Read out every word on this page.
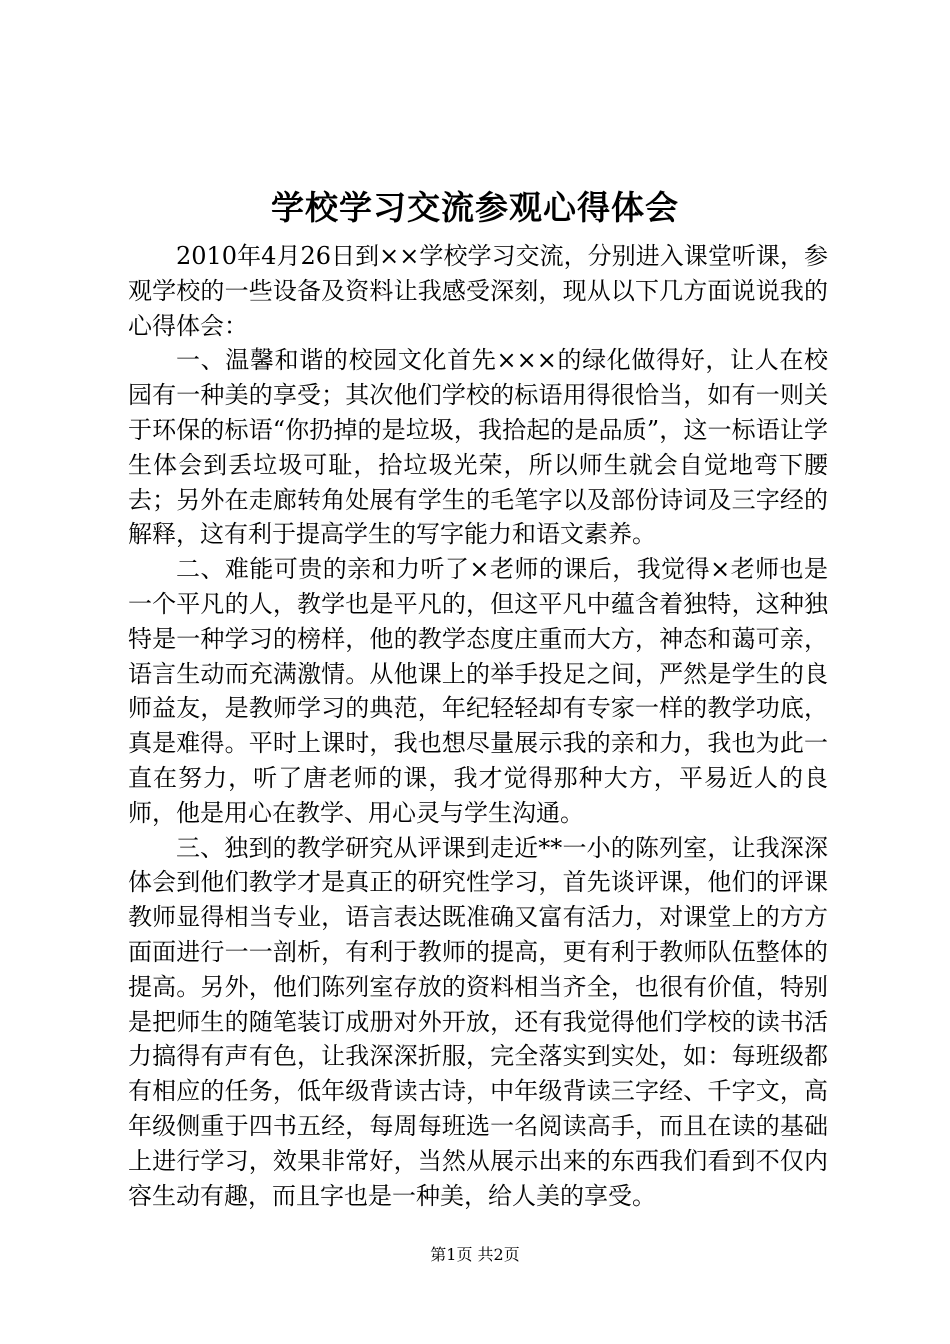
学校学习交流参观心得体会

2010年4月26日到××学校学习交流，分别进入课堂听课，参观学校的一些设备及资料让我感受深刻，现从以下几方面说说我的心得体会：

一、温馨和谐的校园文化首先×××的绿化做得好，让人在校园有一种美的享受；其次他们学校的标语用得很恰当，如有一则关于环保的标语“你扔掉的是垃圾，我拾起的是品质”，这一标语让学生体会到丢垃圾可耻，拾垃圾光荣，所以师生就会自觉地弯下腰去；另外在走廊转角处展有学生的毛笔字以及部份诗词及三字经的解释，这有利于提高学生的写字能力和语文素养。

二、难能可贵的亲和力听了×老师的课后，我觉得×老师也是一个平凡的人，教学也是平凡的，但这平凡中蕴含着独特，这种独特是一种学习的榜样，他的教学态度庄重而大方，神态和蔼可亲，语言生动而充满激情。从他课上的举手投足之间，严然是学生的良师益友，是教师学习的典范，年纪轻轻却有专家一样的教学功底，真是难得。平时上课时，我也想尽量展示我的亲和力，我也为此一直在努力，听了唐老师的课，我才觉得那种大方，平易近人的良师，他是用心在教学、用心灵与学生沟通。

三、独到的教学研究从评课到走近**一小的陈列室，让我深深体会到他们教学才是真正的研究性学习，首先谈评课，他们的评课教师显得相当专业，语言表达既准确又富有活力，对课堂上的方方面面进行一一剖析，有利于教师的提高，更有利于教师队伍整体的提高。另外，他们陈列室存放的资料相当齐全，也很有价值，特别是把师生的随笔装订成册对外开放，还有我觉得他们学校的读书活力搞得有声有色，让我深深折服，完全落实到实处，如：每班级都有相应的任务，低年级背读古诗，中年级背读三字经、千字文，高年级侧重于四书五经，每周每班选一名阅读高手，而且在读的基础上进行学习，效果非常好，当然从展示出来的东西我们看到不仅内容生动有趣，而且字也是一种美，给人美的享受。

第1页 共2页
